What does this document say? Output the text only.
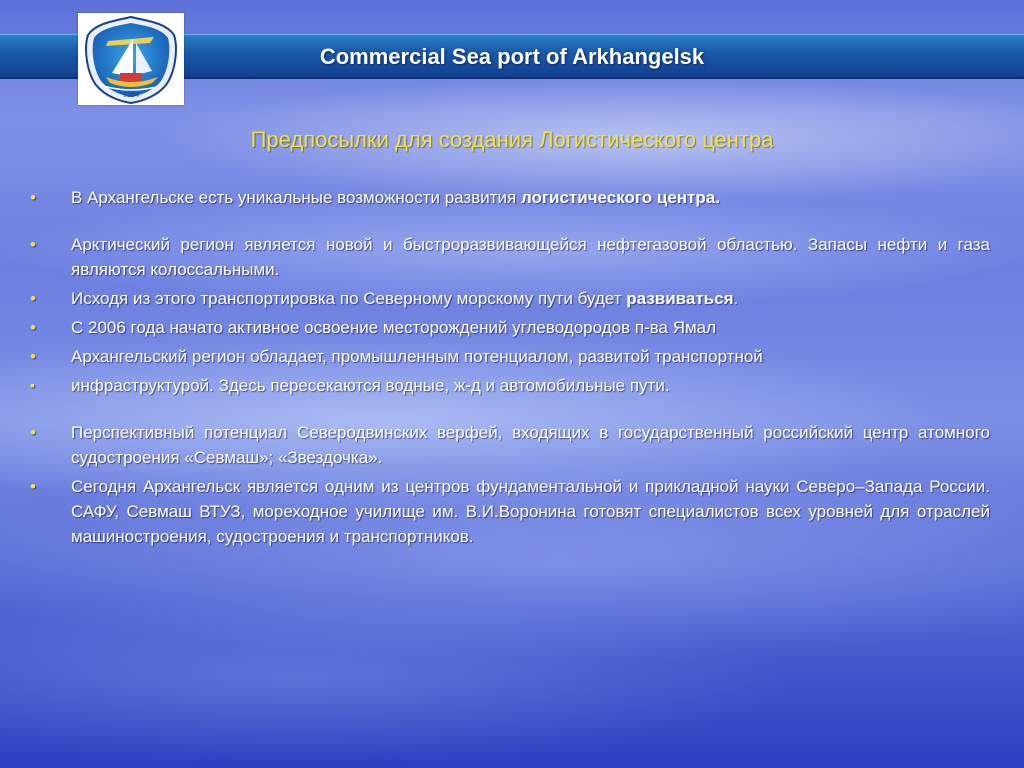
Commercial Sea port of Arkhangelsk
1584
Предпосылки для создания Логистического центра
•	В Архангельске есть уникальные возможности развития логистического центра.
•	Арктический регион является новой и быстроразвивающейся нефтегазовой областью. Запасы нефти и газа являются колоссальными.
•	Исходя из этого транспортировка по Северному морскому пути будет развиваться.
•	С 2006 года начато активное освоение месторождений углеводородов п-ва Ямал
•	Архангельский регион обладает, промышленным потенциалом, развитой транспортной
▪	инфраструктурой. Здесь пересекаются водные, ж-д и автомобильные пути.
•	Перспективный потенциал Северодвинских верфей, входящих в государственный российский центр атомного судостроения «Севмаш»; «Звездочка».
•	Сегодня Архангельск является одним из центров фундаментальной и прикладной науки Северо–Запада России. САФУ, Севмаш ВТУЗ, мореходное училище им. В.И.Воронина готовят специалистов всех уровней для отраслей машиностроения, судостроения и транспортников.
